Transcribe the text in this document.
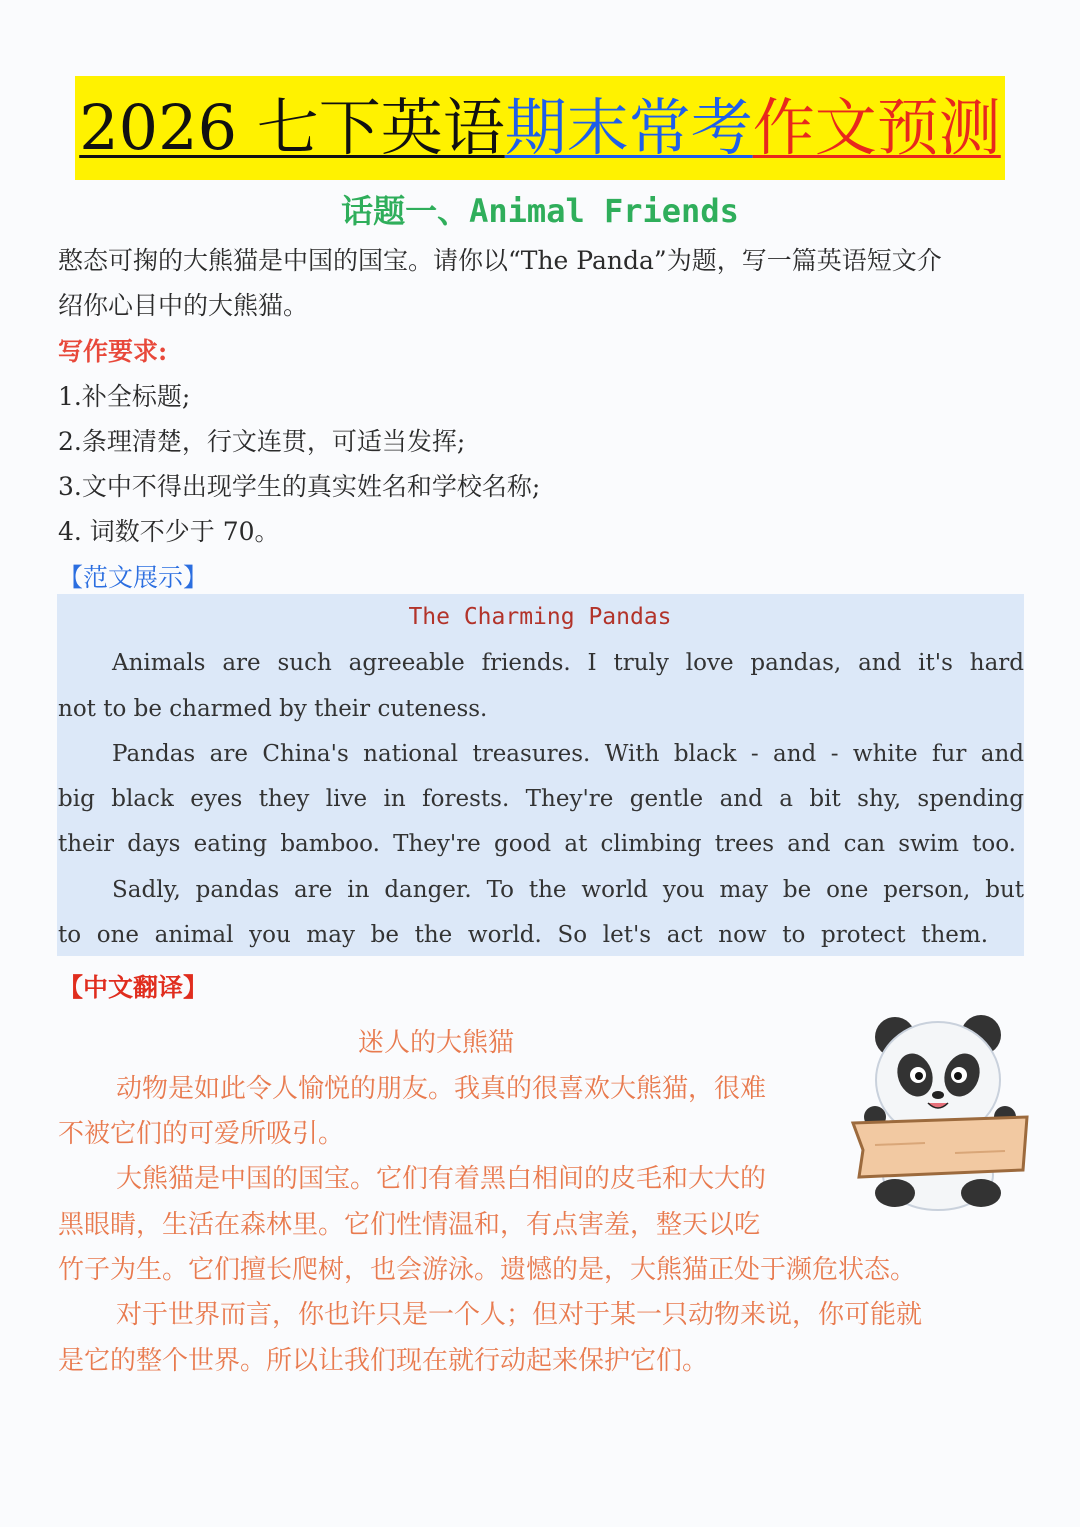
2026 七下英语 期末常考 作文预测
话题一、Animal Friends
憨态可掬的大熊猫是中国的国宝。请你以“The Panda”为题，写一篇英语短文介
绍你心目中的大熊猫。
写作要求:
1.补全标题;
2.条理清楚，行文连贯，可适当发挥;
3.文中不得出现学生的真实姓名和学校名称;
4. 词数不少于 70。
【范文展示】
The Charming Pandas
Animals are such agreeable friends. I truly love pandas, and it's hard
not to be charmed by their cuteness.
Pandas are China's national treasures. With black - and - white fur and
big black eyes they live in forests. They're gentle and a bit shy, spending
their days eating bamboo. They're good at climbing trees and can swim too.
Sadly, pandas are in danger. To the world you may be one person, but
to one animal you may be the world. So let's act now to protect them.
【中文翻译】
迷人的大熊猫
动物是如此令人愉悦的朋友。我真的很喜欢大熊猫，很难
不被它们的可爱所吸引。
大熊猫是中国的国宝。它们有着黑白相间的皮毛和大大的
黑眼睛，生活在森林里。它们性情温和，有点害羞，整天以吃
竹子为生。它们擅长爬树，也会游泳。遗憾的是，大熊猫正处于濒危状态。
对于世界而言，你也许只是一个人；但对于某一只动物来说，你可能就
是它的整个世界。所以让我们现在就行动起来保护它们。
